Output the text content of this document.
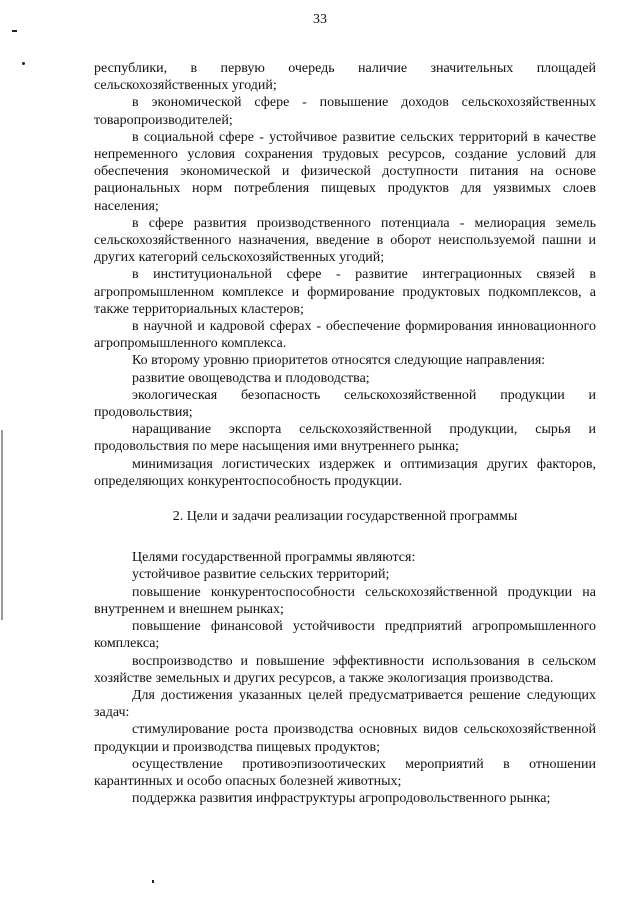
33

республики, в первую очередь наличие значительных площадей сельскохозяйственных угодий;

в экономической сфере - повышение доходов сельскохозяйственных товаропроизводителей;

в социальной сфере - устойчивое развитие сельских территорий в качестве непременного условия сохранения трудовых ресурсов, создание условий для обеспечения экономической и физической доступности питания на основе рациональных норм потребления пищевых продуктов для уязвимых слоев населения;

в сфере развития производственного потенциала - мелиорация земель сельскохозяйственного назначения, введение в оборот неиспользуемой пашни и других категорий сельскохозяйственных угодий;

в институциональной сфере - развитие интеграционных связей в агропромышленном комплексе и формирование продуктовых подкомплексов, а также территориальных кластеров;

в научной и кадровой сферах - обеспечение формирования инновационного агропромышленного комплекса.

Ко второму уровню приоритетов относятся следующие направления:

развитие овощеводства и плодоводства;

экологическая безопасность сельскохозяйственной продукции и продовольствия;

наращивание экспорта сельскохозяйственной продукции, сырья и продовольствия по мере насыщения ими внутреннего рынка;

минимизация логистических издержек и оптимизация других факторов, определяющих конкурентоспособность продукции.

2. Цели и задачи реализации государственной программы

Целями государственной программы являются:

устойчивое развитие сельских территорий;

повышение конкурентоспособности сельскохозяйственной продукции на внутреннем и внешнем рынках;

повышение финансовой устойчивости предприятий агропромышленного комплекса;

воспроизводство и повышение эффективности использования в сельском хозяйстве земельных и других ресурсов, а также экологизация производства.

Для достижения указанных целей предусматривается решение следующих задач:

стимулирование роста производства основных видов сельскохозяйственной продукции и производства пищевых продуктов;

осуществление противоэпизоотических мероприятий в отношении карантинных и особо опасных болезней животных;

поддержка развития инфраструктуры агропродовольственного рынка;
